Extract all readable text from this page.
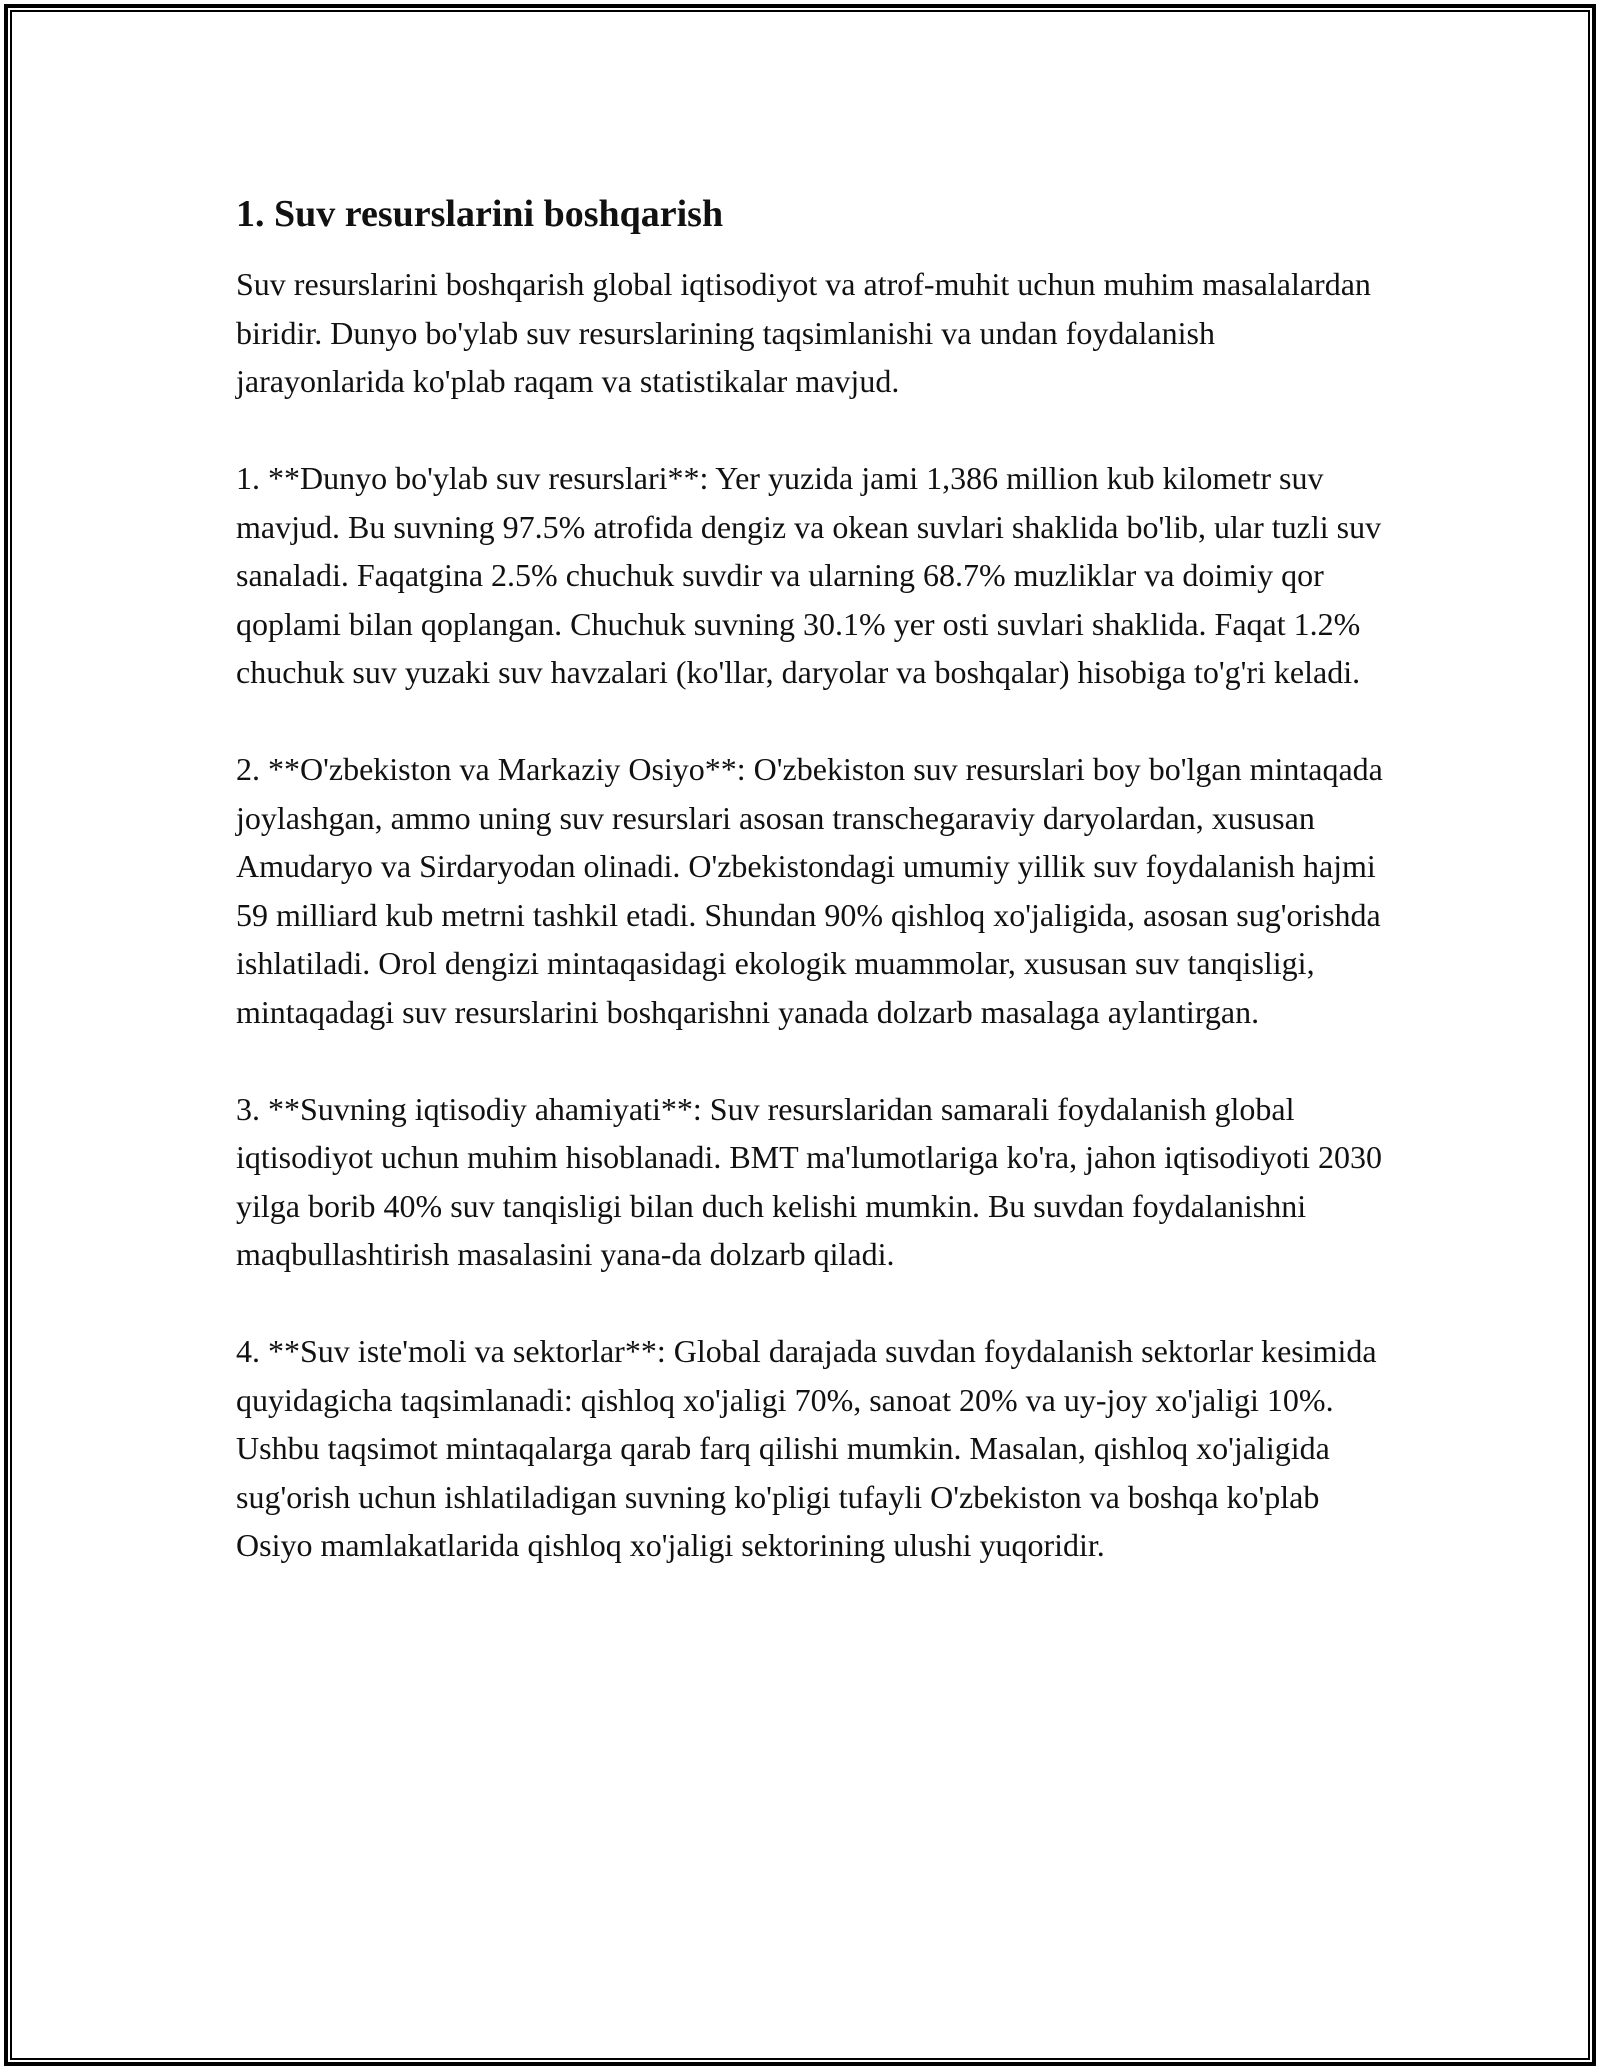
1. Suv resurslarini boshqarish

Suv resurslarini boshqarish global iqtisodiyot va atrof-muhit uchun muhim masalalardan biridir. Dunyo bo'ylab suv resurslarining taqsimlanishi va undan foydalanish jarayonlarida ko'plab raqam va statistikalar mavjud.

1. **Dunyo bo'ylab suv resurslari**: Yer yuzida jami 1,386 million kub kilometr suv mavjud. Bu suvning 97.5% atrofida dengiz va okean suvlari shaklida bo'lib, ular tuzli suv sanaladi. Faqatgina 2.5% chuchuk suvdir va ularning 68.7% muzliklar va doimiy qor qoplami bilan qoplangan. Chuchuk suvning 30.1% yer osti suvlari shaklida. Faqat 1.2% chuchuk suv yuzaki suv havzalari (ko'llar, daryolar va boshqalar) hisobiga to'g'ri keladi.

2. **O'zbekiston va Markaziy Osiyo**: O'zbekiston suv resurslari boy bo'lgan mintaqada joylashgan, ammo uning suv resurslari asosan transchegaraviy daryolardan, xususan Amudaryo va Sirdaryodan olinadi. O'zbekistondagi umumiy yillik suv foydalanish hajmi 59 milliard kub metrni tashkil etadi. Shundan 90% qishloq xo'jaligida, asosan sug'orishda ishlatiladi. Orol dengizi mintaqasidagi ekologik muammolar, xususan suv tanqisligi, mintaqadagi suv resurslarini boshqarishni yanada dolzarb masalaga aylantirgan.

3. **Suvning iqtisodiy ahamiyati**: Suv resurslaridan samarali foydalanish global iqtisodiyot uchun muhim hisoblanadi. BMT ma'lumotlariga ko'ra, jahon iqtisodiyoti 2030 yilga borib 40% suv tanqisligi bilan duch kelishi mumkin. Bu suvdan foydalanishni maqbullashtirish masalasini yana-da dolzarb qiladi.

4. **Suv iste'moli va sektorlar**: Global darajada suvdan foydalanish sektorlar kesimida quyidagicha taqsimlanadi: qishloq xo'jaligi 70%, sanoat 20% va uy-joy xo'jaligi 10%. Ushbu taqsimot mintaqalarga qarab farq qilishi mumkin. Masalan, qishloq xo'jaligida sug'orish uchun ishlatiladigan suvning ko'pligi tufayli O'zbekiston va boshqa ko'plab Osiyo mamlakatlarida qishloq xo'jaligi sektorining ulushi yuqoridir.
